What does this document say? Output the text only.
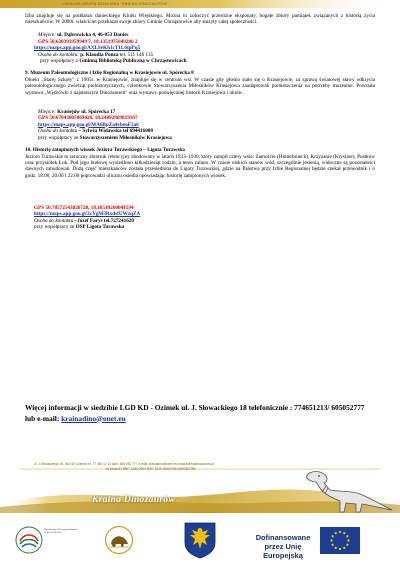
LOKALNA GRUPA DZIAŁANIA "KRAINA DINOZAURÓW"

Izba znajduje się na poddaszu danieckiego Klubu Wiejskiego. Można tu zobaczyć przeróżne eksponaty, bogate zbiory pamiątek związanych z historią życia mieszkańców. W 2000r. właściciel przekazał swoje zbiory Gminie Chrząstowice aby służyły całej społeczności.

Miejsce: ul. Dąbrowicka 4, 46-053 Daniec
GPS 50.620391959949 7, 18.1351975849286 2
https://maps.app.goo.gl/AXL8eKh1cT1L6tpPq5
Osoba do kontaktu: p. Klaudia Ponza tel. 511 146 135
przy współpracy z Gminną Biblioteką Publiczną w Chrząstowicach
9. Muzeum Paleontologiczne i Izbę Regionalną w Krasiejowie ul. Spórecka 8

Obiekt „Starej Szkoły" z 1905r. w Krasiejowie, znajduje się w centrum wsi. W czasie gdy głośno stało się o Krasiejowie, za sprawą światowej sławy odkrycia paleontologicznego zwierząt prehistorycznych, członkowie Stowarzyszenia Miłośników Krasiejowa zaadaptowali pomieszczenia na potrzeby muzealne. Powstała wystawa „Wędrówki z najstarszym Dinozaurem" oraz wystawy poświęconej historii Krasiejowa i okolic.

Miejsce: Krasiejów ul. Spórecka 17
GPS 50.67043005069426, 18.24892869819167
https://maps.app.goo.gl/MA6BpZa4vbeoF5a6
Osoba do kontaktu – Sylwia Widawska tel 694416008
przy współpracy ze Stowarzyszeniem Miłośników Krasiejowa
10. Historię zatopionych wiosek Jeziora Turawskiego – Ligota Turawska

Jezioro Turawskie to sztuczny zbiornik retencyjny zbudowany w latach 1933–1939, który zatopił cztery wsie: Zamośćie (Hinterbrueck), Krzyżanie (Krysline), Pustków oraz przysiółek Łuk. Pod jego budowę wysiedlono kilkadziesiąt rodzin, a teren zalano. W czasie niskich stanów wód, szczególnie jesienią, widoczne są pozostałości dawnych zabudowań. Dużą część mieszkańców została przesiedlona do Ligoty Turawskiej, gdzie na Państwa przy Izbie Regionalnej będzie czekał przewodnik i o godz. 18.00, 20.00 i 22.00 poprowadzi ulicami osiedla opowiadając historię zatopionych wiosek.

GPS 50.78572543026728, 18.18519200041594
https://maps.app.goo.gl/2cYgM3RxdsfUWzqZA
Osoba do kontaktu –Józef Farys tel.727241620
przy współpracy ze OSP Ligota Turawska
Więcej informacji w siedzibie LGD KD - Ozimek ul. J. Słowackiego 18 telefonicznie : 774651213/ 605052777 lub e-mail: krainadino@onet.eu
ul. J.Słowackiego 18, 46-040 Ozimek tel. 77 465 12 13 kom. 605 052 777 e-mail: krainadino@onet.eu www.krainadinozaurow.pl
nr konta 51 8907 1050 2004 3007 3211 0003 KRS 0000311790
Kraina Dinozaurów
Plan Rozwoju Obszarów Wiejskich na lata 2023-2027
Dofinansowane przez Unię Europejską
